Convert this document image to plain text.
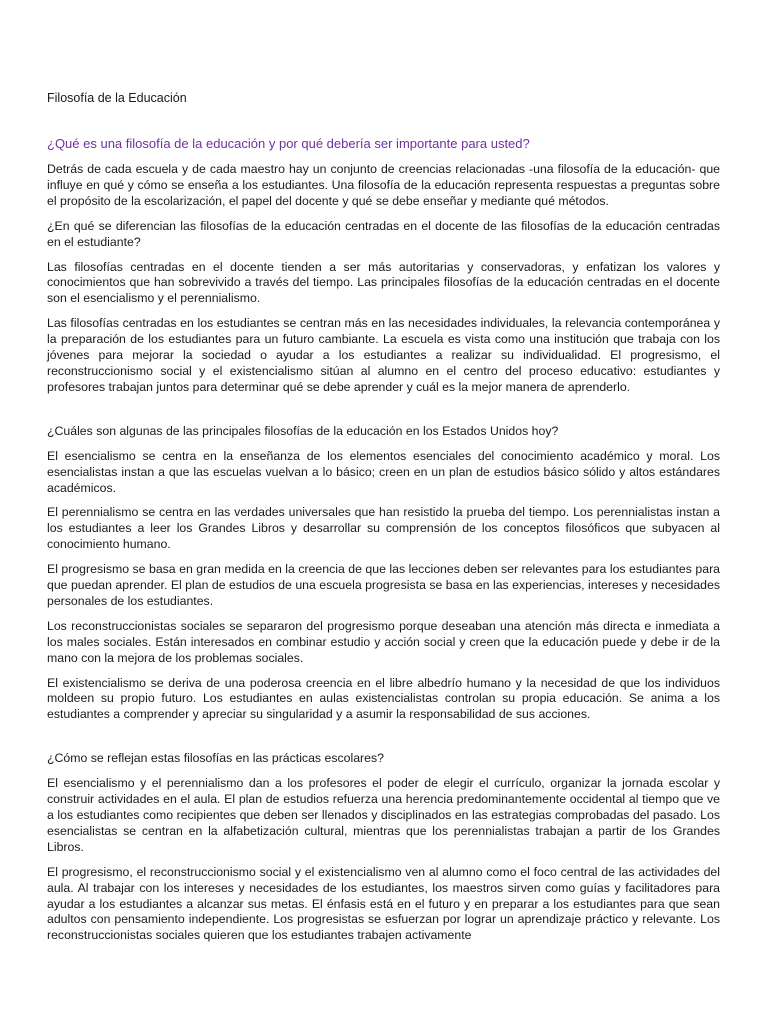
Filosofía de la Educación
¿Qué es una filosofía de la educación y por qué debería ser importante para usted?

Detrás de cada escuela y de cada maestro hay un conjunto de creencias relacionadas -una filosofía de la educación- que influye en qué y cómo se enseña a los estudiantes. Una filosofía de la educación representa respuestas a preguntas sobre el propósito de la escolarización, el papel del docente y qué se debe enseñar y mediante qué métodos.

¿En qué se diferencian las filosofías de la educación centradas en el docente de las filosofías de la educación centradas en el estudiante?

Las filosofías centradas en el docente tienden a ser más autoritarias y conservadoras, y enfatizan los valores y conocimientos que han sobrevivido a través del tiempo. Las principales filosofías de la educación centradas en el docente son el esencialismo y el perennialismo.

Las filosofías centradas en los estudiantes se centran más en las necesidades individuales, la relevancia contemporánea y la preparación de los estudiantes para un futuro cambiante. La escuela es vista como una institución que trabaja con los jóvenes para mejorar la sociedad o ayudar a los estudiantes a realizar su individualidad. El progresismo, el reconstruccionismo social y el existencialismo sitúan al alumno en el centro del proceso educativo: estudiantes y profesores trabajan juntos para determinar qué se debe aprender y cuál es la mejor manera de aprenderlo.

¿Cuáles son algunas de las principales filosofías de la educación en los Estados Unidos hoy?

El esencialismo se centra en la enseñanza de los elementos esenciales del conocimiento académico y moral. Los esencialistas instan a que las escuelas vuelvan a lo básico; creen en un plan de estudios básico sólido y altos estándares académicos.

El perennialismo se centra en las verdades universales que han resistido la prueba del tiempo. Los perennialistas instan a los estudiantes a leer los Grandes Libros y desarrollar su comprensión de los conceptos filosóficos que subyacen al conocimiento humano.

El progresismo se basa en gran medida en la creencia de que las lecciones deben ser relevantes para los estudiantes para que puedan aprender. El plan de estudios de una escuela progresista se basa en las experiencias, intereses y necesidades personales de los estudiantes.

Los reconstruccionistas sociales se separaron del progresismo porque deseaban una atención más directa e inmediata a los males sociales. Están interesados en combinar estudio y acción social y creen que la educación puede y debe ir de la mano con la mejora de los problemas sociales.

El existencialismo se deriva de una poderosa creencia en el libre albedrío humano y la necesidad de que los individuos moldeen su propio futuro. Los estudiantes en aulas existencialistas controlan su propia educación. Se anima a los estudiantes a comprender y apreciar su singularidad y a asumir la responsabilidad de sus acciones.

¿Cómo se reflejan estas filosofías en las prácticas escolares?

El esencialismo y el perennialismo dan a los profesores el poder de elegir el currículo, organizar la jornada escolar y construir actividades en el aula. El plan de estudios refuerza una herencia predominantemente occidental al tiempo que ve a los estudiantes como recipientes que deben ser llenados y disciplinados en las estrategias comprobadas del pasado. Los esencialistas se centran en la alfabetización cultural, mientras que los perennialistas trabajan a partir de los Grandes Libros.

El progresismo, el reconstruccionismo social y el existencialismo ven al alumno como el foco central de las actividades del aula. Al trabajar con los intereses y necesidades de los estudiantes, los maestros sirven como guías y facilitadores para ayudar a los estudiantes a alcanzar sus metas. El énfasis está en el futuro y en preparar a los estudiantes para que sean adultos con pensamiento independiente. Los progresistas se esfuerzan por lograr un aprendizaje práctico y relevante. Los reconstruccionistas sociales quieren que los estudiantes trabajen activamente
